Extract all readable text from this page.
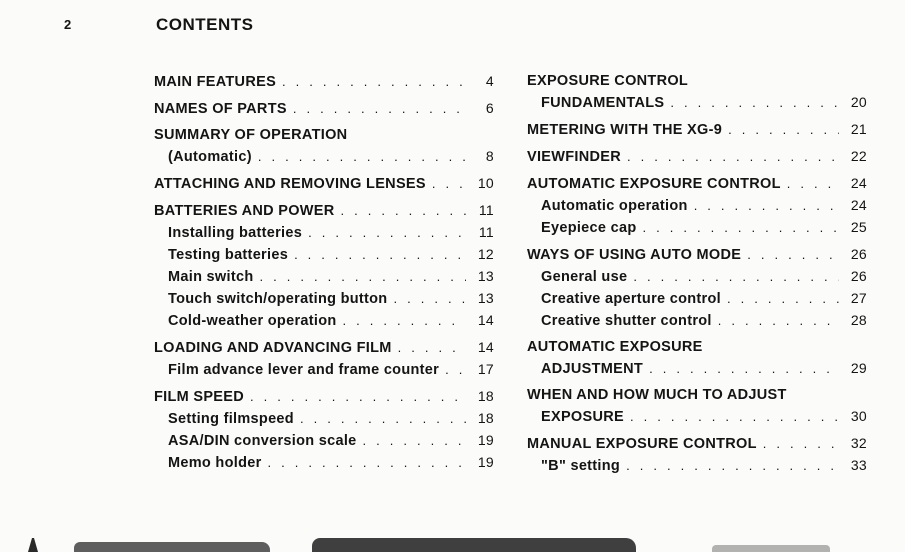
2	CONTENTS
MAIN FEATURES . . .	4
NAMES OF PARTS . . .	6
SUMMARY OF OPERATION
(Automatic) . . .	8
ATTACHING AND REMOVING LENSES . . .	10
BATTERIES AND POWER . . .	11
Installing batteries . . .	11
Testing batteries . . .	12
Main switch . . .	13
Touch switch/operating button . . .	13
Cold-weather operation . . .	14
LOADING AND ADVANCING FILM . . .	14
Film advance lever and frame counter . . .	17
FILM SPEED . . .	18
Setting filmspeed . . .	18
ASA/DIN conversion scale . . .	19
Memo holder . . .	19
EXPOSURE CONTROL
FUNDAMENTALS . . .	20
METERING WITH THE XG-9 . . .	21
VIEWFINDER . . .	22
AUTOMATIC EXPOSURE CONTROL . . .	24
Automatic operation . . .	24
Eyepiece cap . . .	25
WAYS OF USING AUTO MODE . . .	26
General use . . .	26
Creative aperture control . . .	27
Creative shutter control . . .	28
AUTOMATIC EXPOSURE
ADJUSTMENT . . .	29
WHEN AND HOW MUCH TO ADJUST
EXPOSURE . . .	30
MANUAL EXPOSURE CONTROL . . .	32
"B" setting . . .	33
